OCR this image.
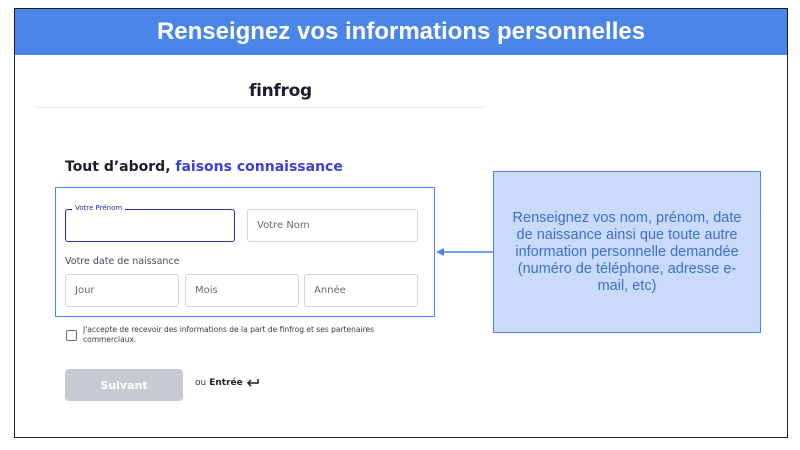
Renseignez vos informations personnelles
finfrog
Tout d’abord, faisons connaissance
Votre Prénom
Votre Nom
Votre date de naissance
Jour	Mois	Année
J'accepte de recevoir des informations de la part de finfrog et ses partenaires commerciaux.
Suivant	ou Entrée
Renseignez vos nom, prénom, date de naissance ainsi que toute autre information personnelle demandée (numéro de téléphone, adresse e-mail, etc)
